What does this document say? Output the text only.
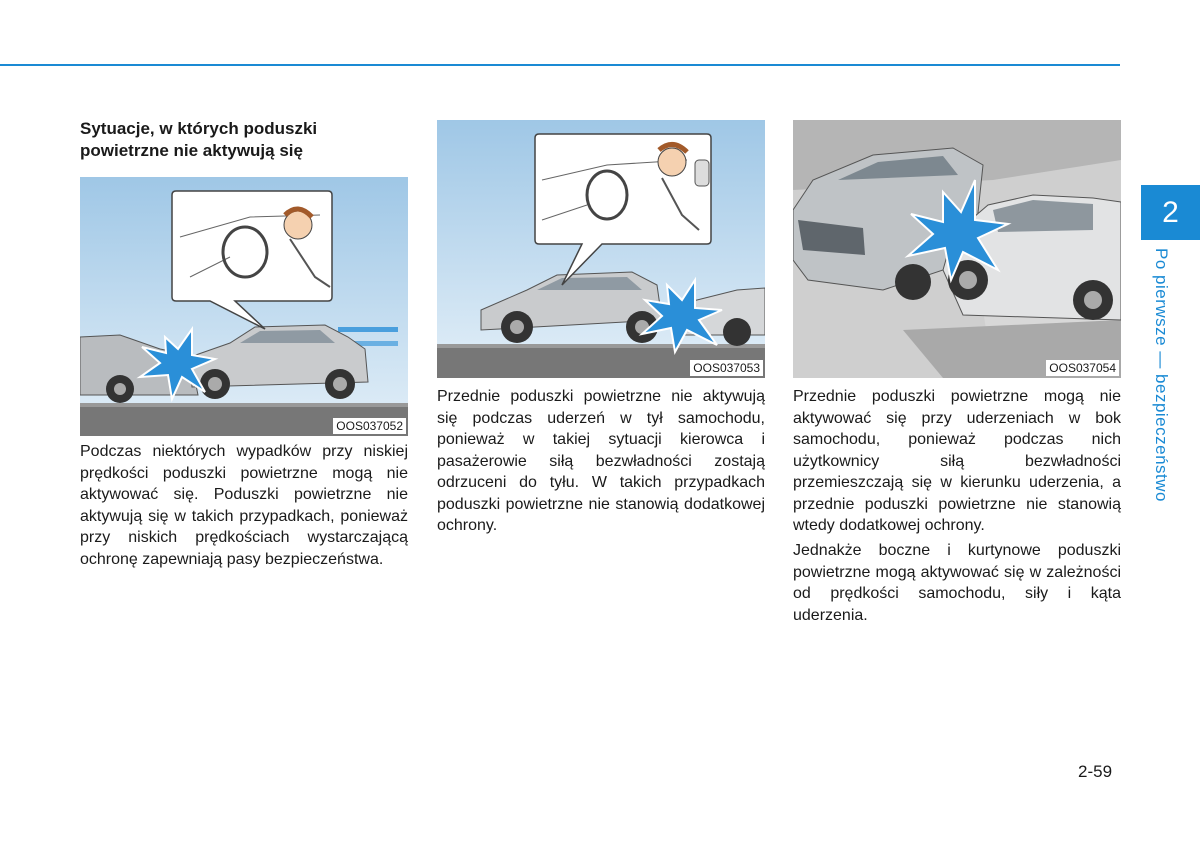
Sytuacje, w których poduszki powietrzne nie aktywują się
OOS037052
OOS037053	OOS037054

Podczas niektórych wypadków przy niskiej prędkości poduszki powietrzne mogą nie aktywować się. Poduszki powietrzne nie aktywują się w takich przypadkach, ponieważ przy niskich prędkościach wystarczającą ochronę zapewniają pasy bezpieczeństwa.

Przednie poduszki powietrzne nie aktywują się podczas uderzeń w tył samochodu, ponieważ w takiej sytuacji kierowca i pasażerowie siłą bezwładności zostają odrzuceni do tyłu. W takich przypadkach poduszki powietrzne nie stanowią dodatkowej ochrony.

Przednie poduszki powietrzne mogą nie aktywować się przy uderzeniach w bok samochodu, ponieważ podczas nich użytkownicy siłą bezwładności przemieszczają się w kierunku uderzenia, a przednie poduszki powietrzne nie stanowią wtedy dodatkowej ochrony.

Jednakże boczne i kurtynowe poduszki powietrzne mogą aktywować się w zależności od prędkości samochodu, siły i kąta uderzenia.

2
Po pierwsze — bezpieczeństwo
2-59
